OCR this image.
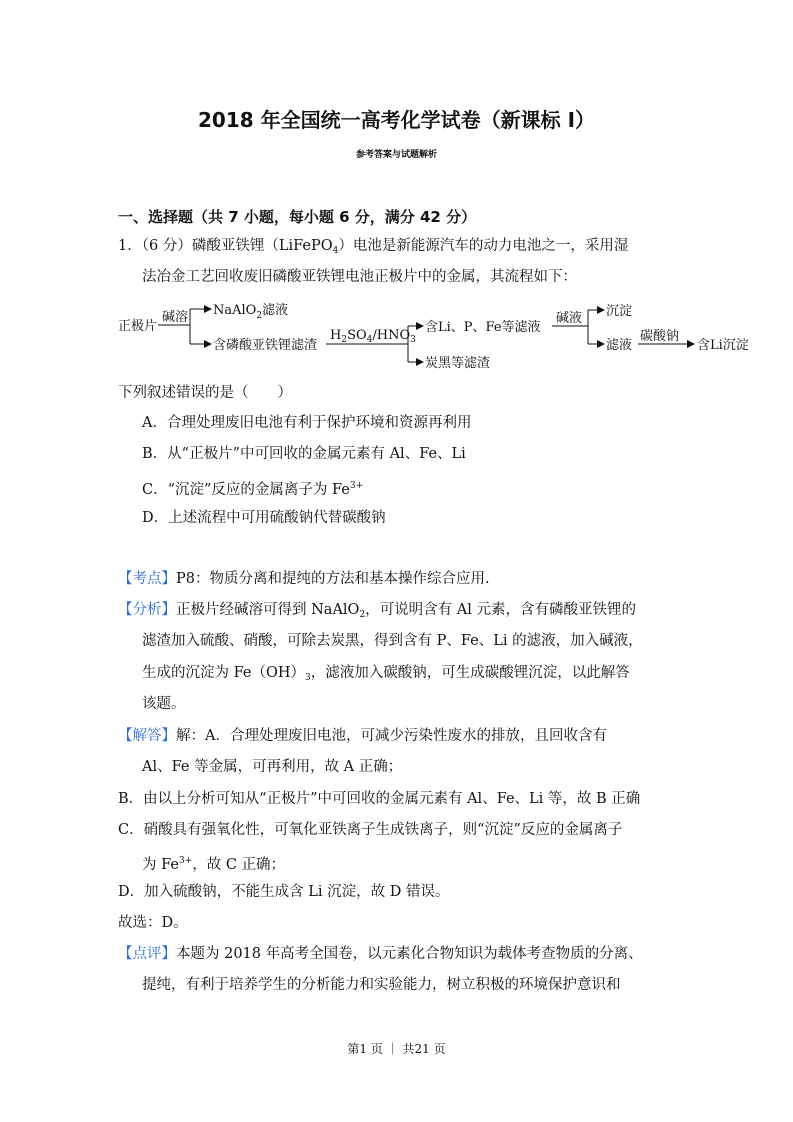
2018 年全国统一高考化学试卷（新课标 I）
参考答案与试题解析
一、选择题（共 7 小题，每小题 6 分，满分 42 分）
1．（6 分）磷酸亚铁锂（LiFePO$_4$）电池是新能源汽车的动力电池之一，采用湿
法冶金工艺回收废旧磷酸亚铁锂电池正极片中的金属，其流程如下：
正极片
碱溶 NaAlO$_2$滤液
含磷酸亚铁锂滤渣
$H_2SO_4/HNO_3$
含Li、P、Fe等滤液
炭黑等滤渣
碱液 沉淀
滤液
碳酸钠
含Li沉淀
下列叙述错误的是（　　）
A．合理处理废旧电池有利于保护环境和资源再利用
B．从“正极片”中可回收的金属元素有 Al、Fe、Li
C．“沉淀”反应的金属离子为 $Fe^{3+}$
D．上述流程中可用硫酸钠代替碳酸钠
【考点】P8：物质分离和提纯的方法和基本操作综合应用.
【分析】正极片经碱溶可得到 NaAlO$_2$，可说明含有 Al 元素，含有磷酸亚铁锂的
滤渣加入硫酸、硝酸，可除去炭黑，得到含有 P、Fe、Li 的滤液，加入碱液，
生成的沉淀为 $Fe(OH)_3$，滤液加入碳酸钠，可生成碳酸锂沉淀，以此解答
该题。
【解答】解：A．合理处理废旧电池，可减少污染性废水的排放，且回收含有
Al、Fe 等金属，可再利用，故 A 正确；
B．由以上分析可知从“正极片”中可回收的金属元素有 Al、Fe、Li 等，故 B 正确
C．硝酸具有强氧化性，可氧化亚铁离子生成铁离子，则“沉淀”反应的金属离子
为 $Fe^{3+}$，故 C 正确；
D．加入硫酸钠，不能生成含 Li 沉淀，故 D 错误。
故选：D。
【点评】本题为 2018 年高考全国卷，以元素化合物知识为载体考查物质的分离、
提纯，有利于培养学生的分析能力和实验能力，树立积极的环境保护意识和
第1 页 ｜ 共21 页
